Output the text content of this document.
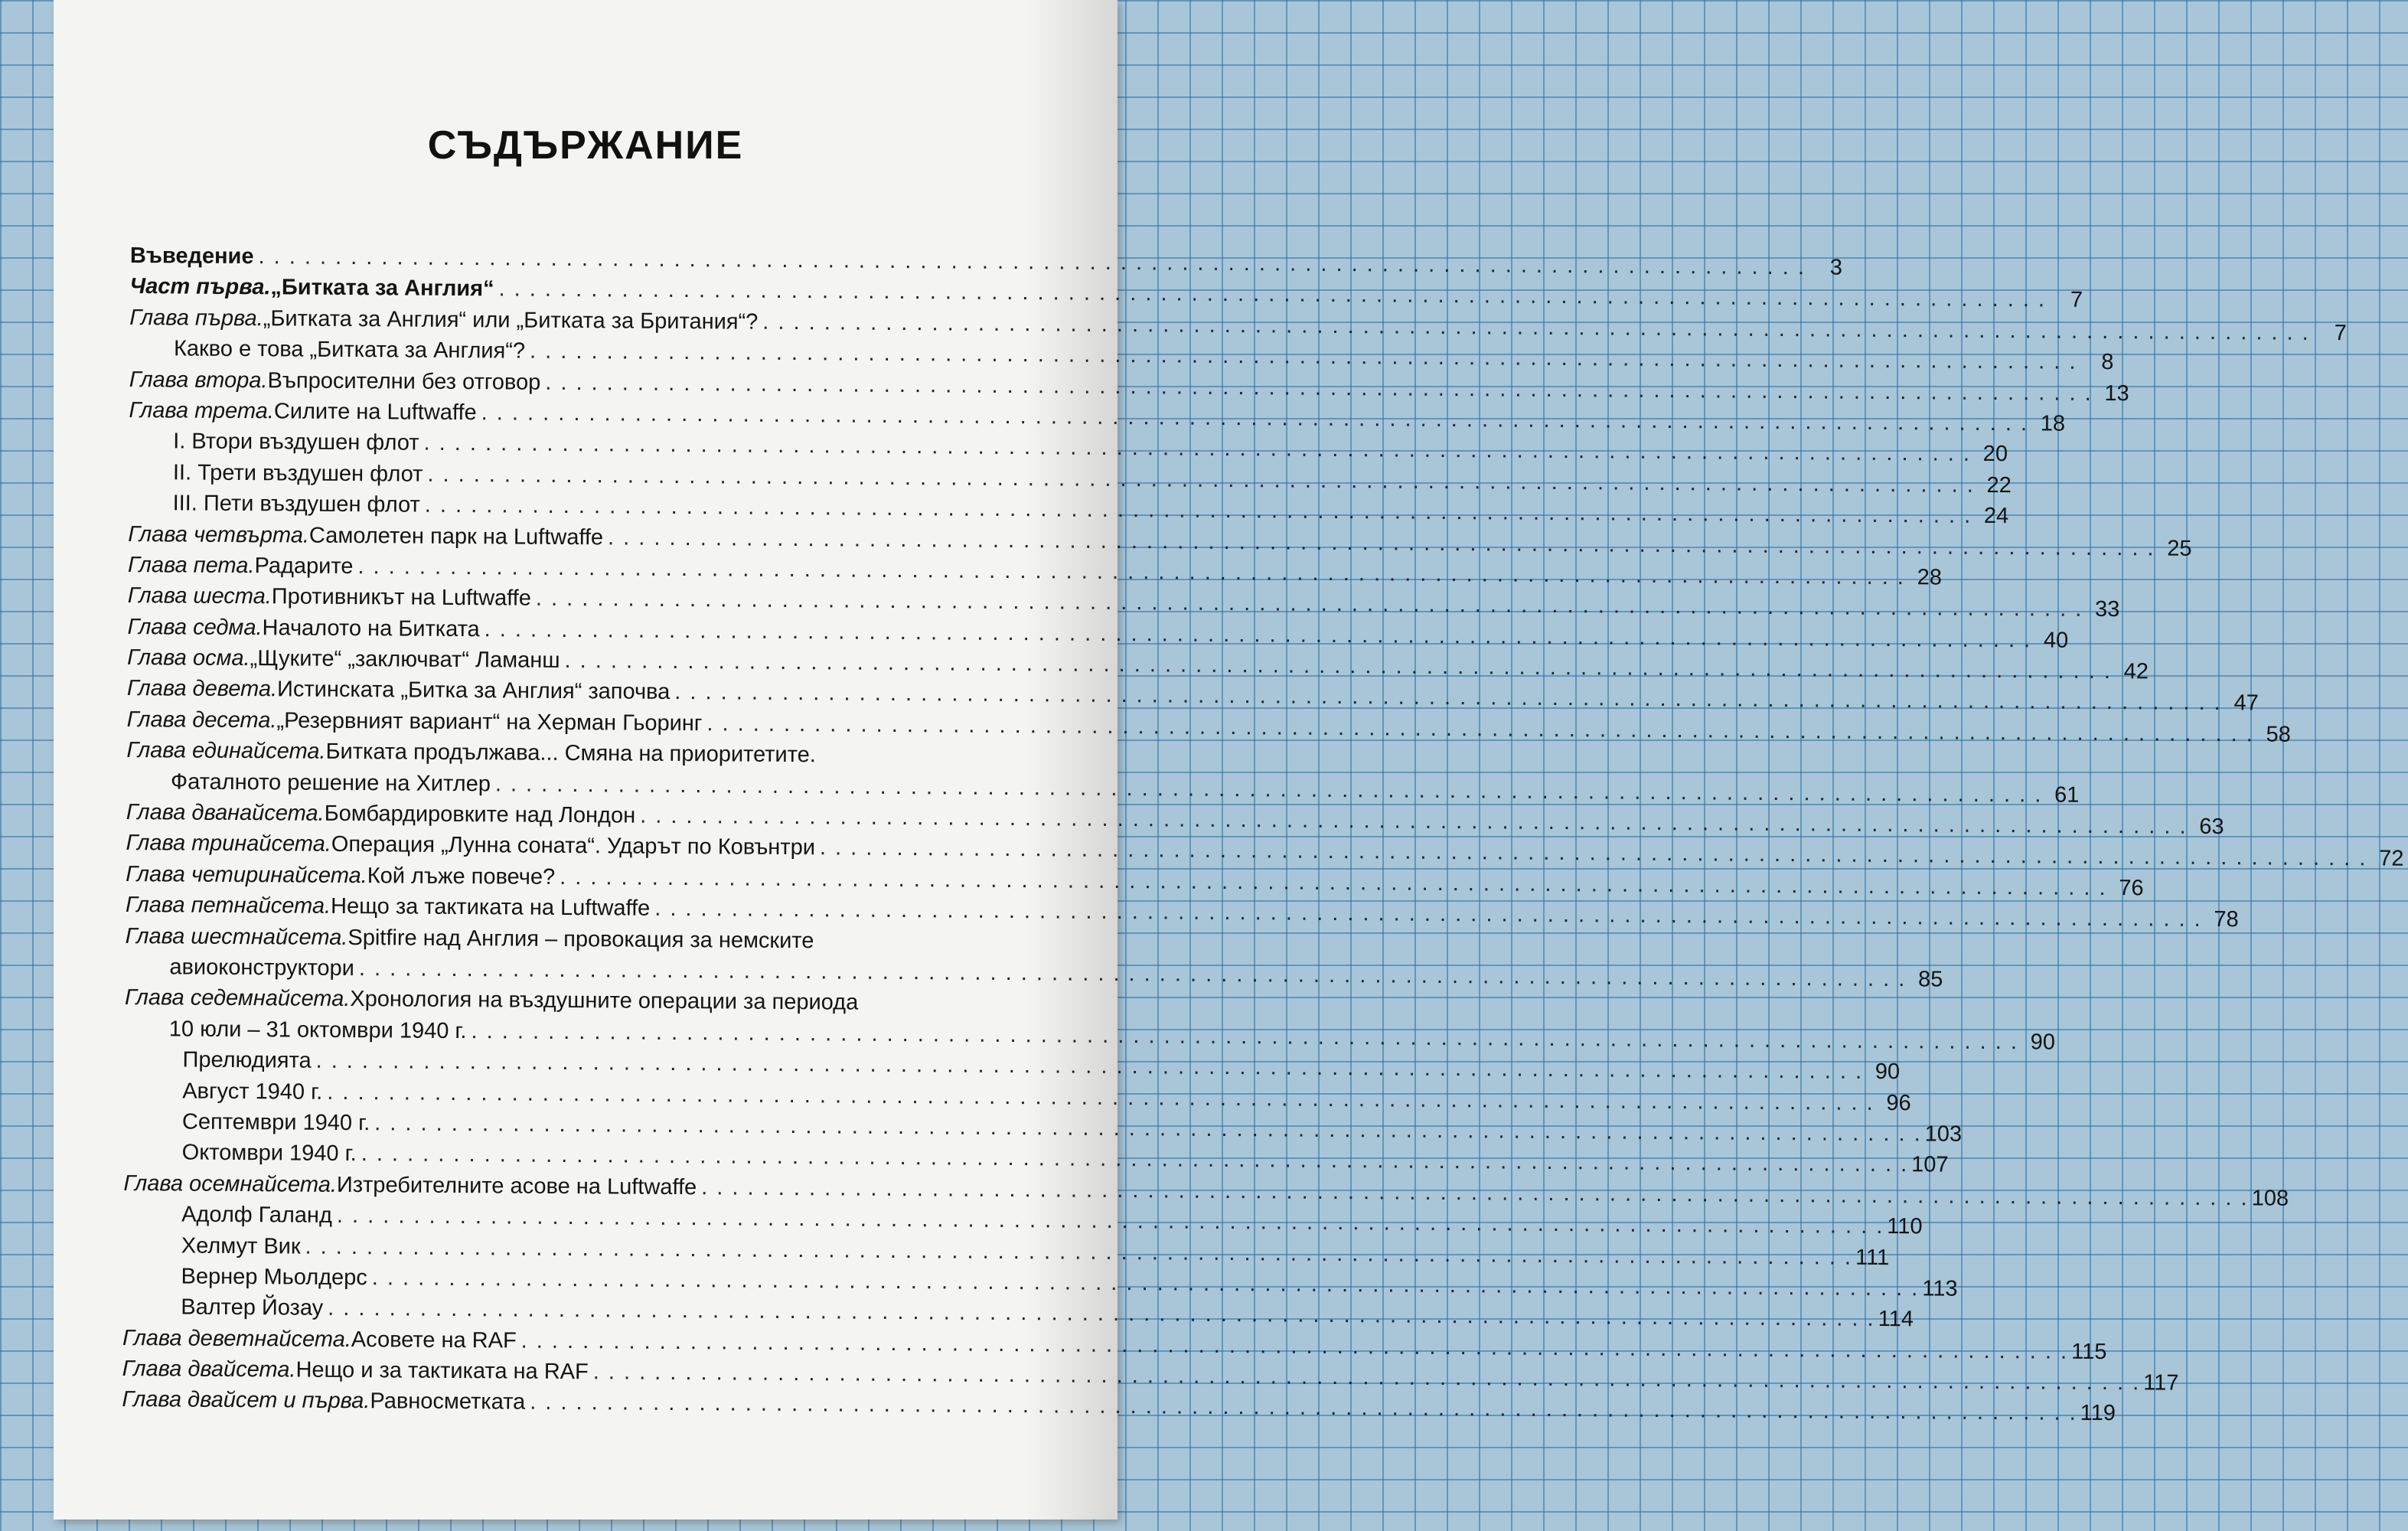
СЪДЪРЖАНИЕ
Въведение . . .	3
Част първа. „Битката за Англия“ . . .	7
Глава първа. „Битката за Англия“ или „Битката за Британия“? . . .	7
Какво е това „Битката за Англия“? . . .	8
Глава втора. Въпросителни без отговор . . .	13
Глава трета. Силите на Luftwaffe . . .	18
I. Втори въздушен флот . . .	20
II. Трети въздушен флот . . .	22
III. Пети въздушен флот . . .	24
Глава четвърта. Самолетен парк на Luftwaffe . . .	25
Глава пета. Радарите . . .	28
Глава шеста. Противникът на Luftwaffe . . .	33
Глава седма. Началото на Битката . . .	40
Глава осма. „Щуките“ „заключват“ Ламанш . . .	42
Глава девета. Истинската „Битка за Англия“ започва . . .	47
Глава десета. „Резервният вариант“ на Херман Гьоринг . . .	58
Глава единайсета. Битката продължава... Смяна на приоритетите.
Фаталното решение на Хитлер . . .	61
Глава дванайсета. Бомбардировките над Лондон . . .	63
Глава тринайсета. Операция „Лунна соната“. Ударът по Ковънтри . . .	72
Глава четиринайсета. Кой лъже повече? . . .	76
Глава петнайсета. Нещо за тактиката на Luftwaffe . . .	78
Глава шестнайсета. Spitfire над Англия – провокация за немските
авиоконструктори . . .	85
Глава седемнайсета. Хронология на въздушните операции за периода
10 юли – 31 октомври 1940 г. . . .	90
Прелюдията . . .	90
Август 1940 г. . . .	96
Септември 1940 г. . . .	103
Октомври 1940 г. . . .	107
Глава осемнайсета. Изтребителните асове на Luftwaffe . . .	108
Адолф Галанд . . .	110
Хелмут Вик . . .	111
Вернер Мьолдерс . . .	113
Валтер Йозау . . .	114
Глава деветнайсета. Асовете на RAF . . .	115
Глава двайсета. Нещо и за тактиката на RAF . . .	117
Глава двайсет и първа. Равносметката . . .	119
